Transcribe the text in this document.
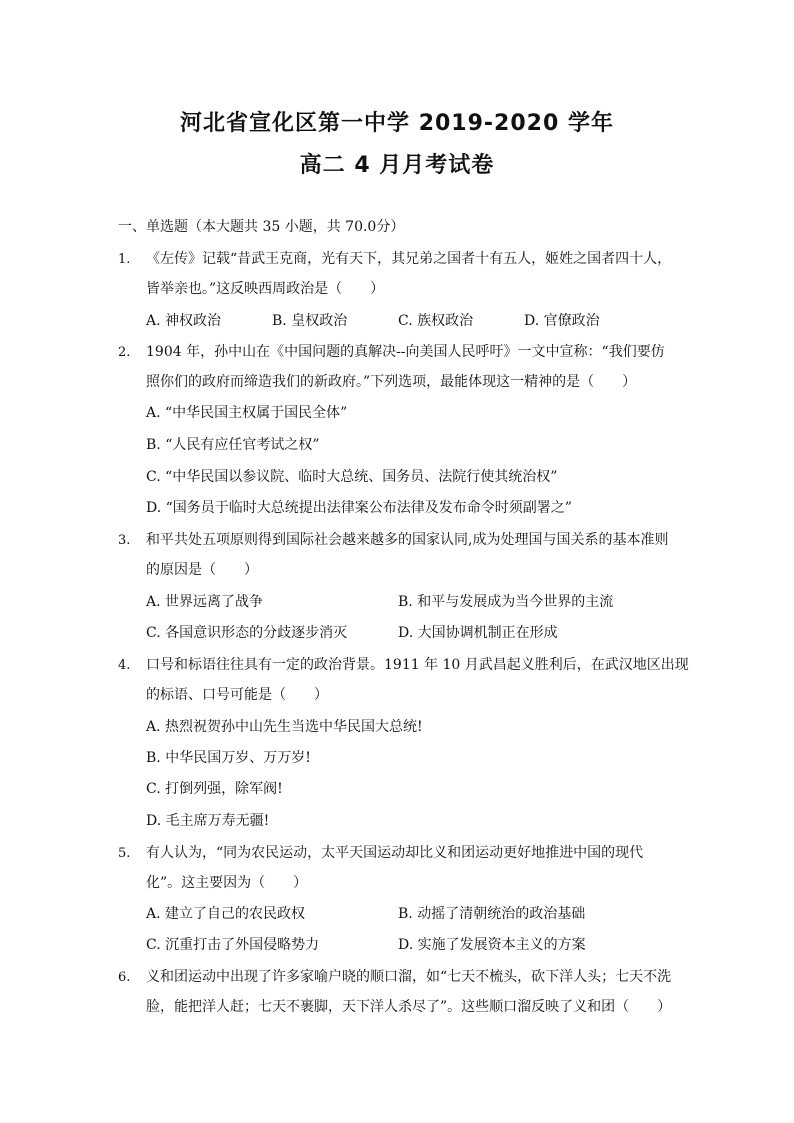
河北省宣化区第一中学 2019-2020 学年
高二 4 月月考试卷
一、单选题（本大题共 35 小题，共 70.0分）
1. 《左传》记载“昔武王克商，光有天下，其兄弟之国者十有五人，姬姓之国者四十人，
皆举亲也。”这反映西周政治是（　　）
A. 神权政治	B. 皇权政治	C. 族权政治	D. 官僚政治
2. 1904 年，孙中山在《中国问题的真解决--向美国人民呼吁》一文中宣称：“我们要仿
照你们的政府而缔造我们的新政府。”下列选项，最能体现这一精神的是（　　）
A. “中华民国主权属于国民全体”
B. “人民有应任官考试之权”
C. “中华民国以参议院、临时大总统、国务员、法院行使其统治权”
D. “国务员于临时大总统提出法律案公布法律及发布命令时须副署之”
3. 和平共处五项原则得到国际社会越来越多的国家认同,成为处理国与国关系的基本准则
的原因是（　　）
A. 世界远离了战争	B. 和平与发展成为当今世界的主流
C. 各国意识形态的分歧逐步消灭	D. 大国协调机制正在形成
4. 口号和标语往往具有一定的政治背景。1911 年 10 月武昌起义胜利后，在武汉地区出现
的标语、口号可能是（　　）
A. 热烈祝贺孙中山先生当选中华民国大总统!
B. 中华民国万岁、万万岁!
C. 打倒列强，除军阀!
D. 毛主席万寿无疆!
5. 有人认为，“同为农民运动，太平天国运动却比义和团运动更好地推进中国的现代
化”。这主要因为（　　）
A. 建立了自己的农民政权	B. 动摇了清朝统治的政治基础
C. 沉重打击了外国侵略势力	D. 实施了发展资本主义的方案
6. 义和团运动中出现了许多家喻户晓的顺口溜，如“七天不梳头，砍下洋人头；七天不洗
脸，能把洋人赶；七天不裹脚，天下洋人杀尽了”。这些顺口溜反映了义和团（　　）
